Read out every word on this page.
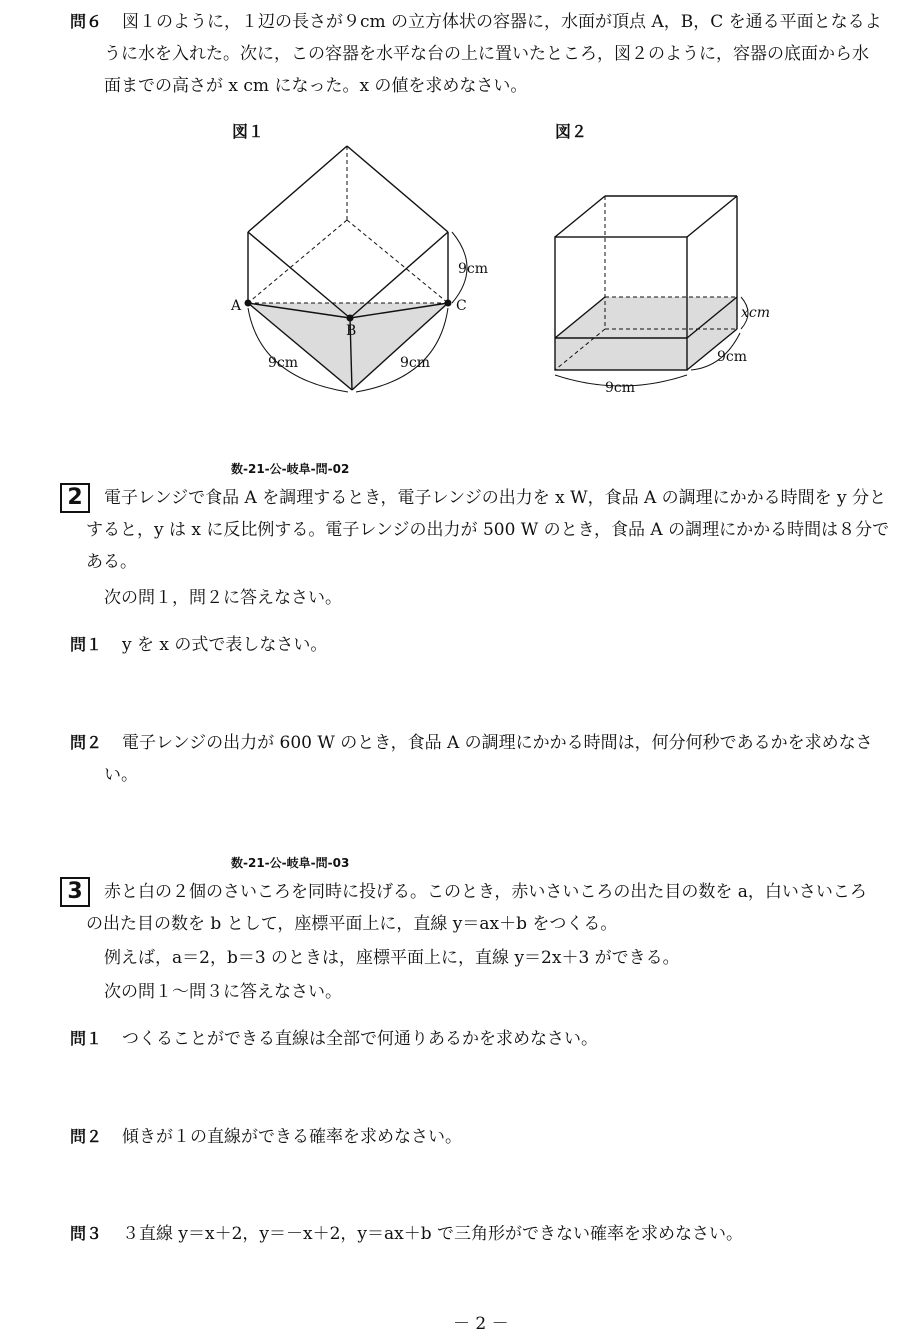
問６ 図１のように，１辺の長さが９cm の立方体状の容器に，水面が頂点 A，B，C を通る平面となるよ
うに水を入れた。次に，この容器を水平な台の上に置いたところ，図２のように，容器の底面から水
面までの高さが x cm になった。x の値を求めなさい。
図１	図２
A
B
C
9cm
9cm	9cm
xcm
9cm
9cm
数-21-公-岐阜-問-02
2	電子レンジで食品 A を調理するとき，電子レンジの出力を x W，食品 A の調理にかかる時間を y 分と
すると，y は x に反比例する。電子レンジの出力が 500 W のとき，食品 A の調理にかかる時間は８分で
ある。
次の問１，問２に答えなさい。
問１ y を x の式で表しなさい。
問２ 電子レンジの出力が 600 W のとき，食品 A の調理にかかる時間は，何分何秒であるかを求めなさ
い。
数-21-公-岐阜-問-03
3	赤と白の２個のさいころを同時に投げる。このとき，赤いさいころの出た目の数を a，白いさいころ
の出た目の数を b として，座標平面上に，直線 y＝ax＋b をつくる。
例えば，a＝2，b＝3 のときは，座標平面上に，直線 y＝2x＋3 ができる。
次の問１～問３に答えなさい。
問１ つくることができる直線は全部で何通りあるかを求めなさい。
問２ 傾きが１の直線ができる確率を求めなさい。
問３ ３直線 y＝x＋2，y＝－x＋2，y＝ax＋b で三角形ができない確率を求めなさい。
－ 2 －
